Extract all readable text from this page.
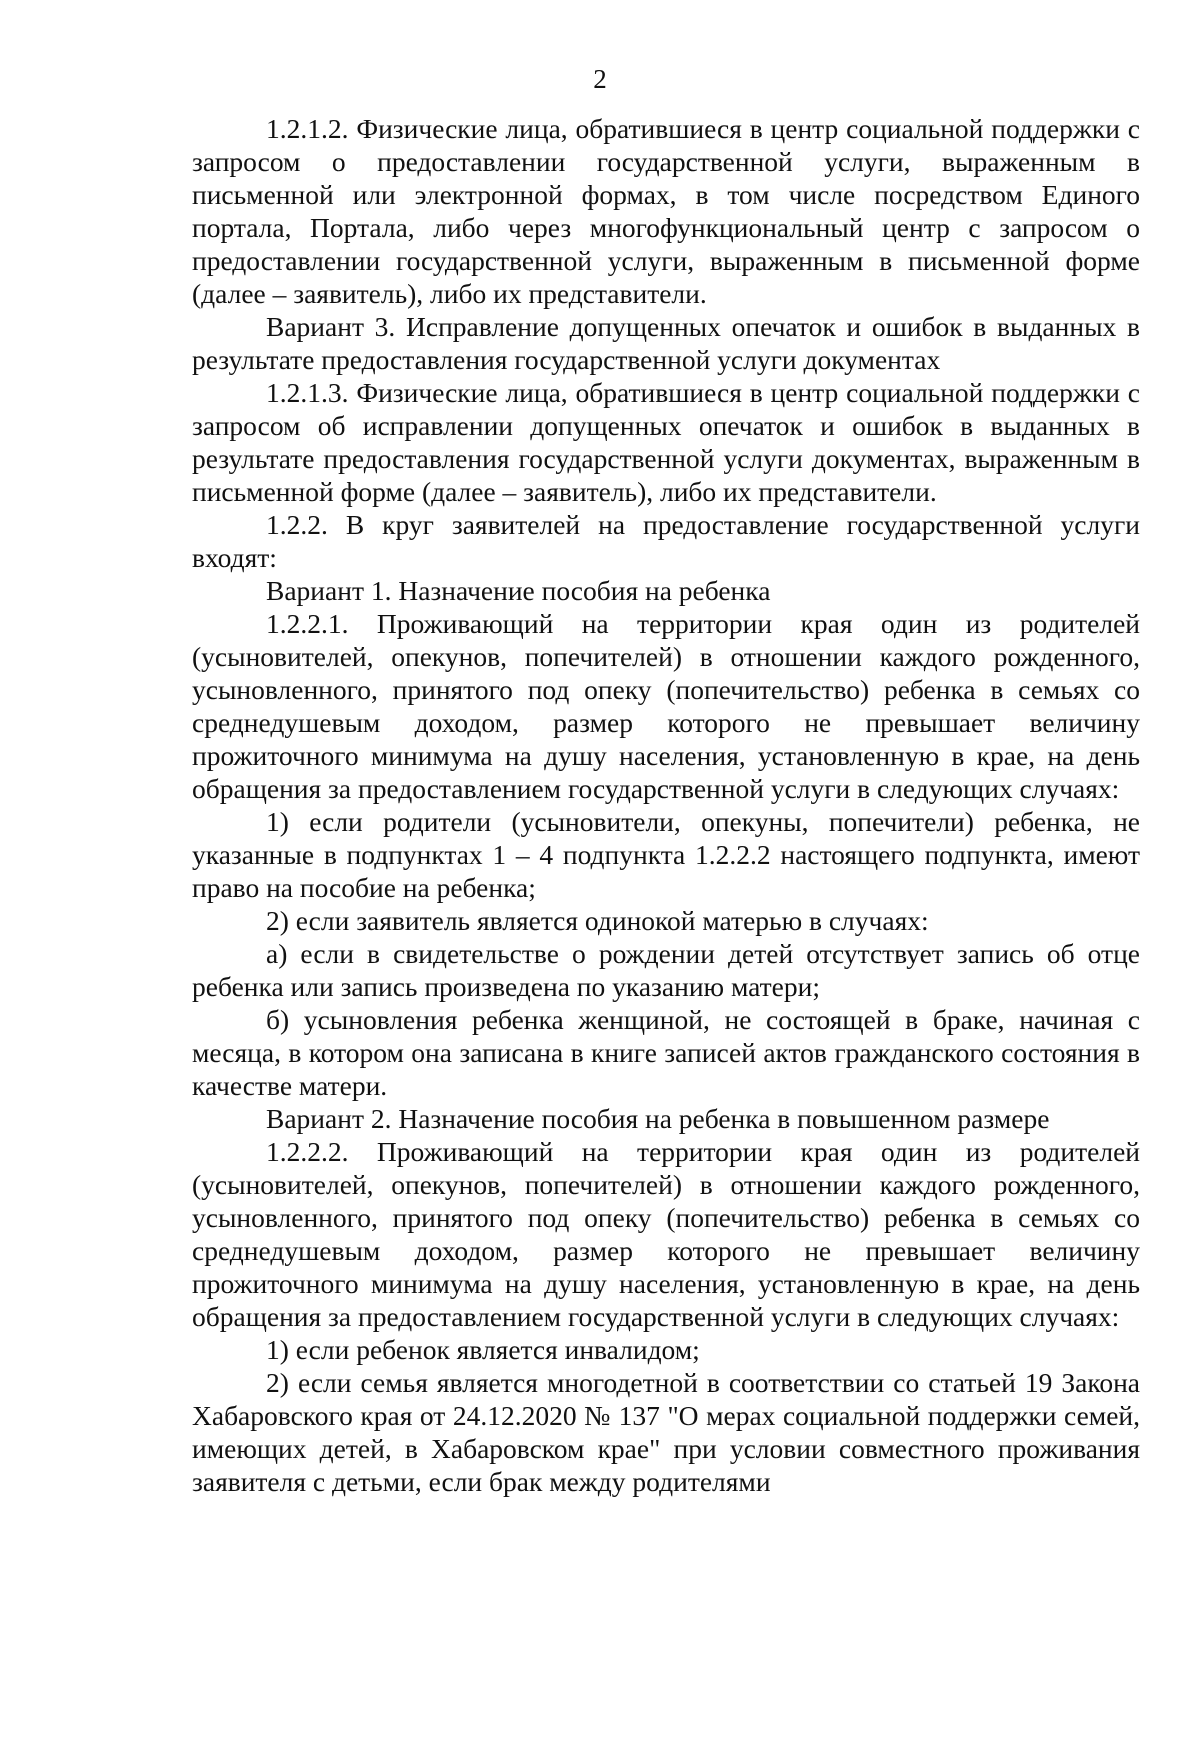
2

1.2.1.2. Физические лица, обратившиеся в центр социальной поддержки с запросом о предоставлении государственной услуги, выраженным в письменной или электронной формах, в том числе посредством Единого портала, Портала, либо через многофункциональный центр с запросом о предоставлении государственной услуги, выраженным в письменной форме (далее – заявитель), либо их представители.

Вариант 3. Исправление допущенных опечаток и ошибок в выданных в результате предоставления государственной услуги документах

1.2.1.3. Физические лица, обратившиеся в центр социальной поддержки с запросом об исправлении допущенных опечаток и ошибок в выданных в результате предоставления государственной услуги документах, выраженным в письменной форме (далее – заявитель), либо их представители.

1.2.2. В круг заявителей на предоставление государственной услуги входят:

Вариант 1. Назначение пособия на ребенка

1.2.2.1. Проживающий на территории края один из родителей (усыновителей, опекунов, попечителей) в отношении каждого рожденного, усыновленного, принятого под опеку (попечительство) ребенка в семьях со среднедушевым доходом, размер которого не превышает величину прожиточного минимума на душу населения, установленную в крае, на день обращения за предоставлением государственной услуги в следующих случаях:

1) если родители (усыновители, опекуны, попечители) ребенка, не указанные в подпунктах 1 – 4 подпункта 1.2.2.2 настоящего подпункта, имеют право на пособие на ребенка;

2) если заявитель является одинокой матерью в случаях:

а) если в свидетельстве о рождении детей отсутствует запись об отце ребенка или запись произведена по указанию матери;

б) усыновления ребенка женщиной, не состоящей в браке, начиная с месяца, в котором она записана в книге записей актов гражданского состояния в качестве матери.

Вариант 2. Назначение пособия на ребенка в повышенном размере

1.2.2.2. Проживающий на территории края один из родителей (усыновителей, опекунов, попечителей) в отношении каждого рожденного, усыновленного, принятого под опеку (попечительство) ребенка в семьях со среднедушевым доходом, размер которого не превышает величину прожиточного минимума на душу населения, установленную в крае, на день обращения за предоставлением государственной услуги в следующих случаях:

1) если ребенок является инвалидом;

2) если семья является многодетной в соответствии со статьей 19 Закона Хабаровского края от 24.12.2020 № 137 "О мерах социальной поддержки семей, имеющих детей, в Хабаровском крае" при условии совместного проживания заявителя с детьми, если брак между родителями
